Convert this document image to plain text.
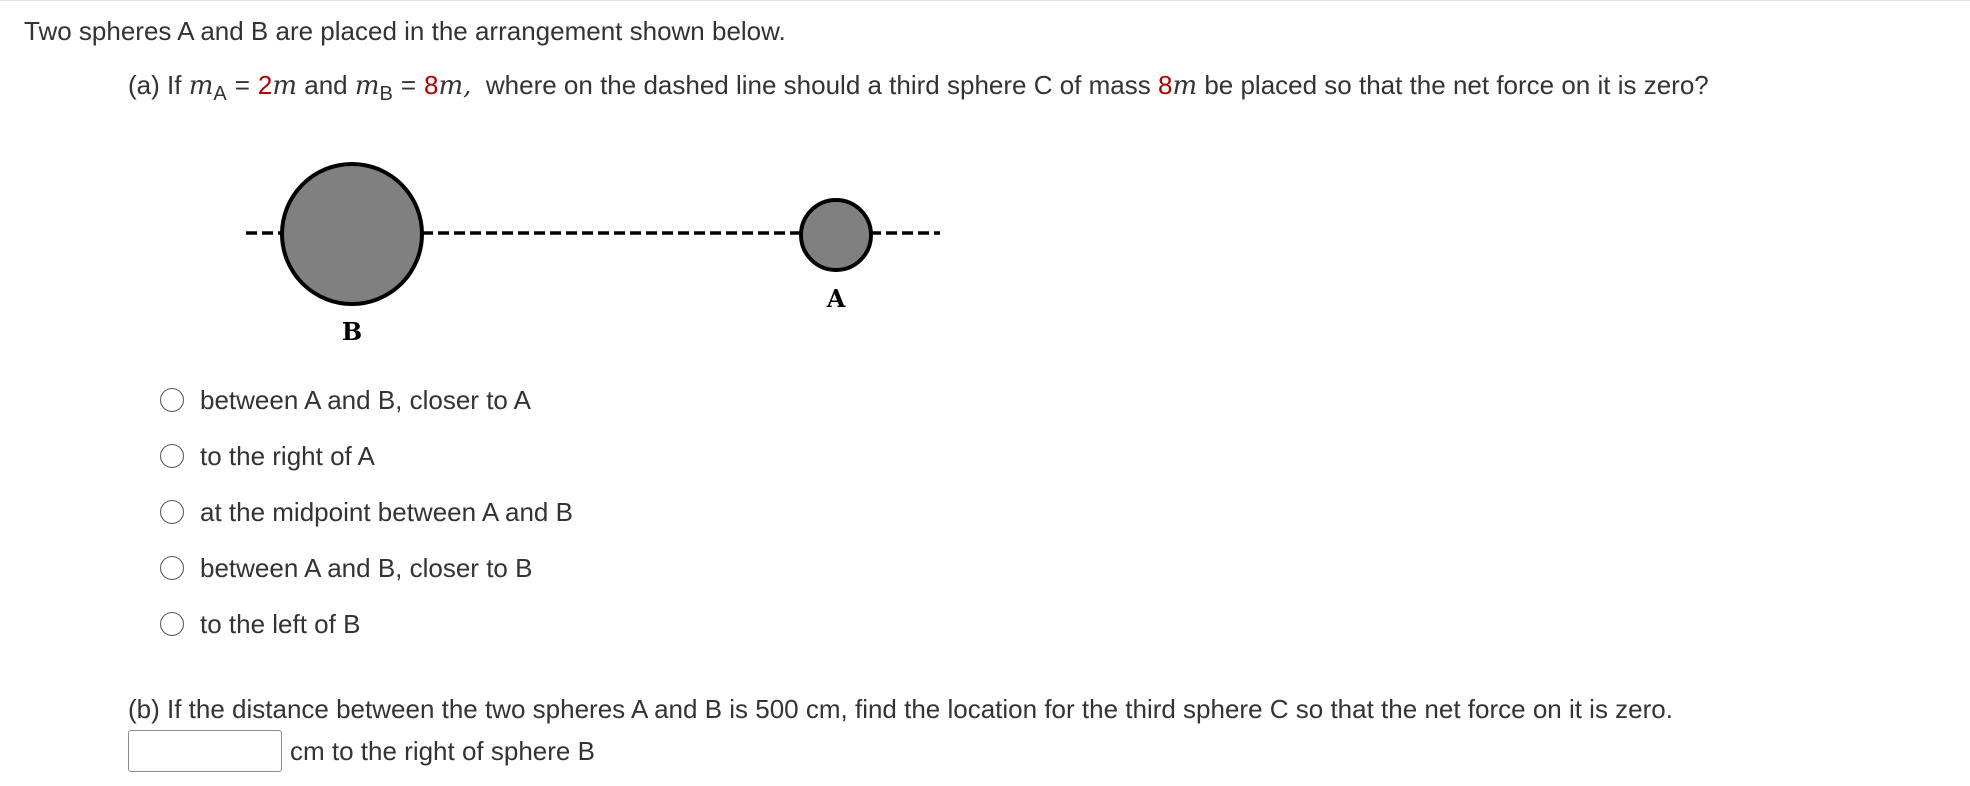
Two spheres A and B are placed in the arrangement shown below.
(a) If $m_A = 2m$ and $m_B = 8m$, where on the dashed line should a third sphere C of mass 8m be placed so that the net force on it is zero?
A
B
between A and B, closer to A
to the right of A
at the midpoint between A and B
between A and B, closer to B
to the left of B
(b) If the distance between the two spheres A and B is 500 cm, find the location for the third sphere C so that the net force on it is zero.
cm to the right of sphere B
